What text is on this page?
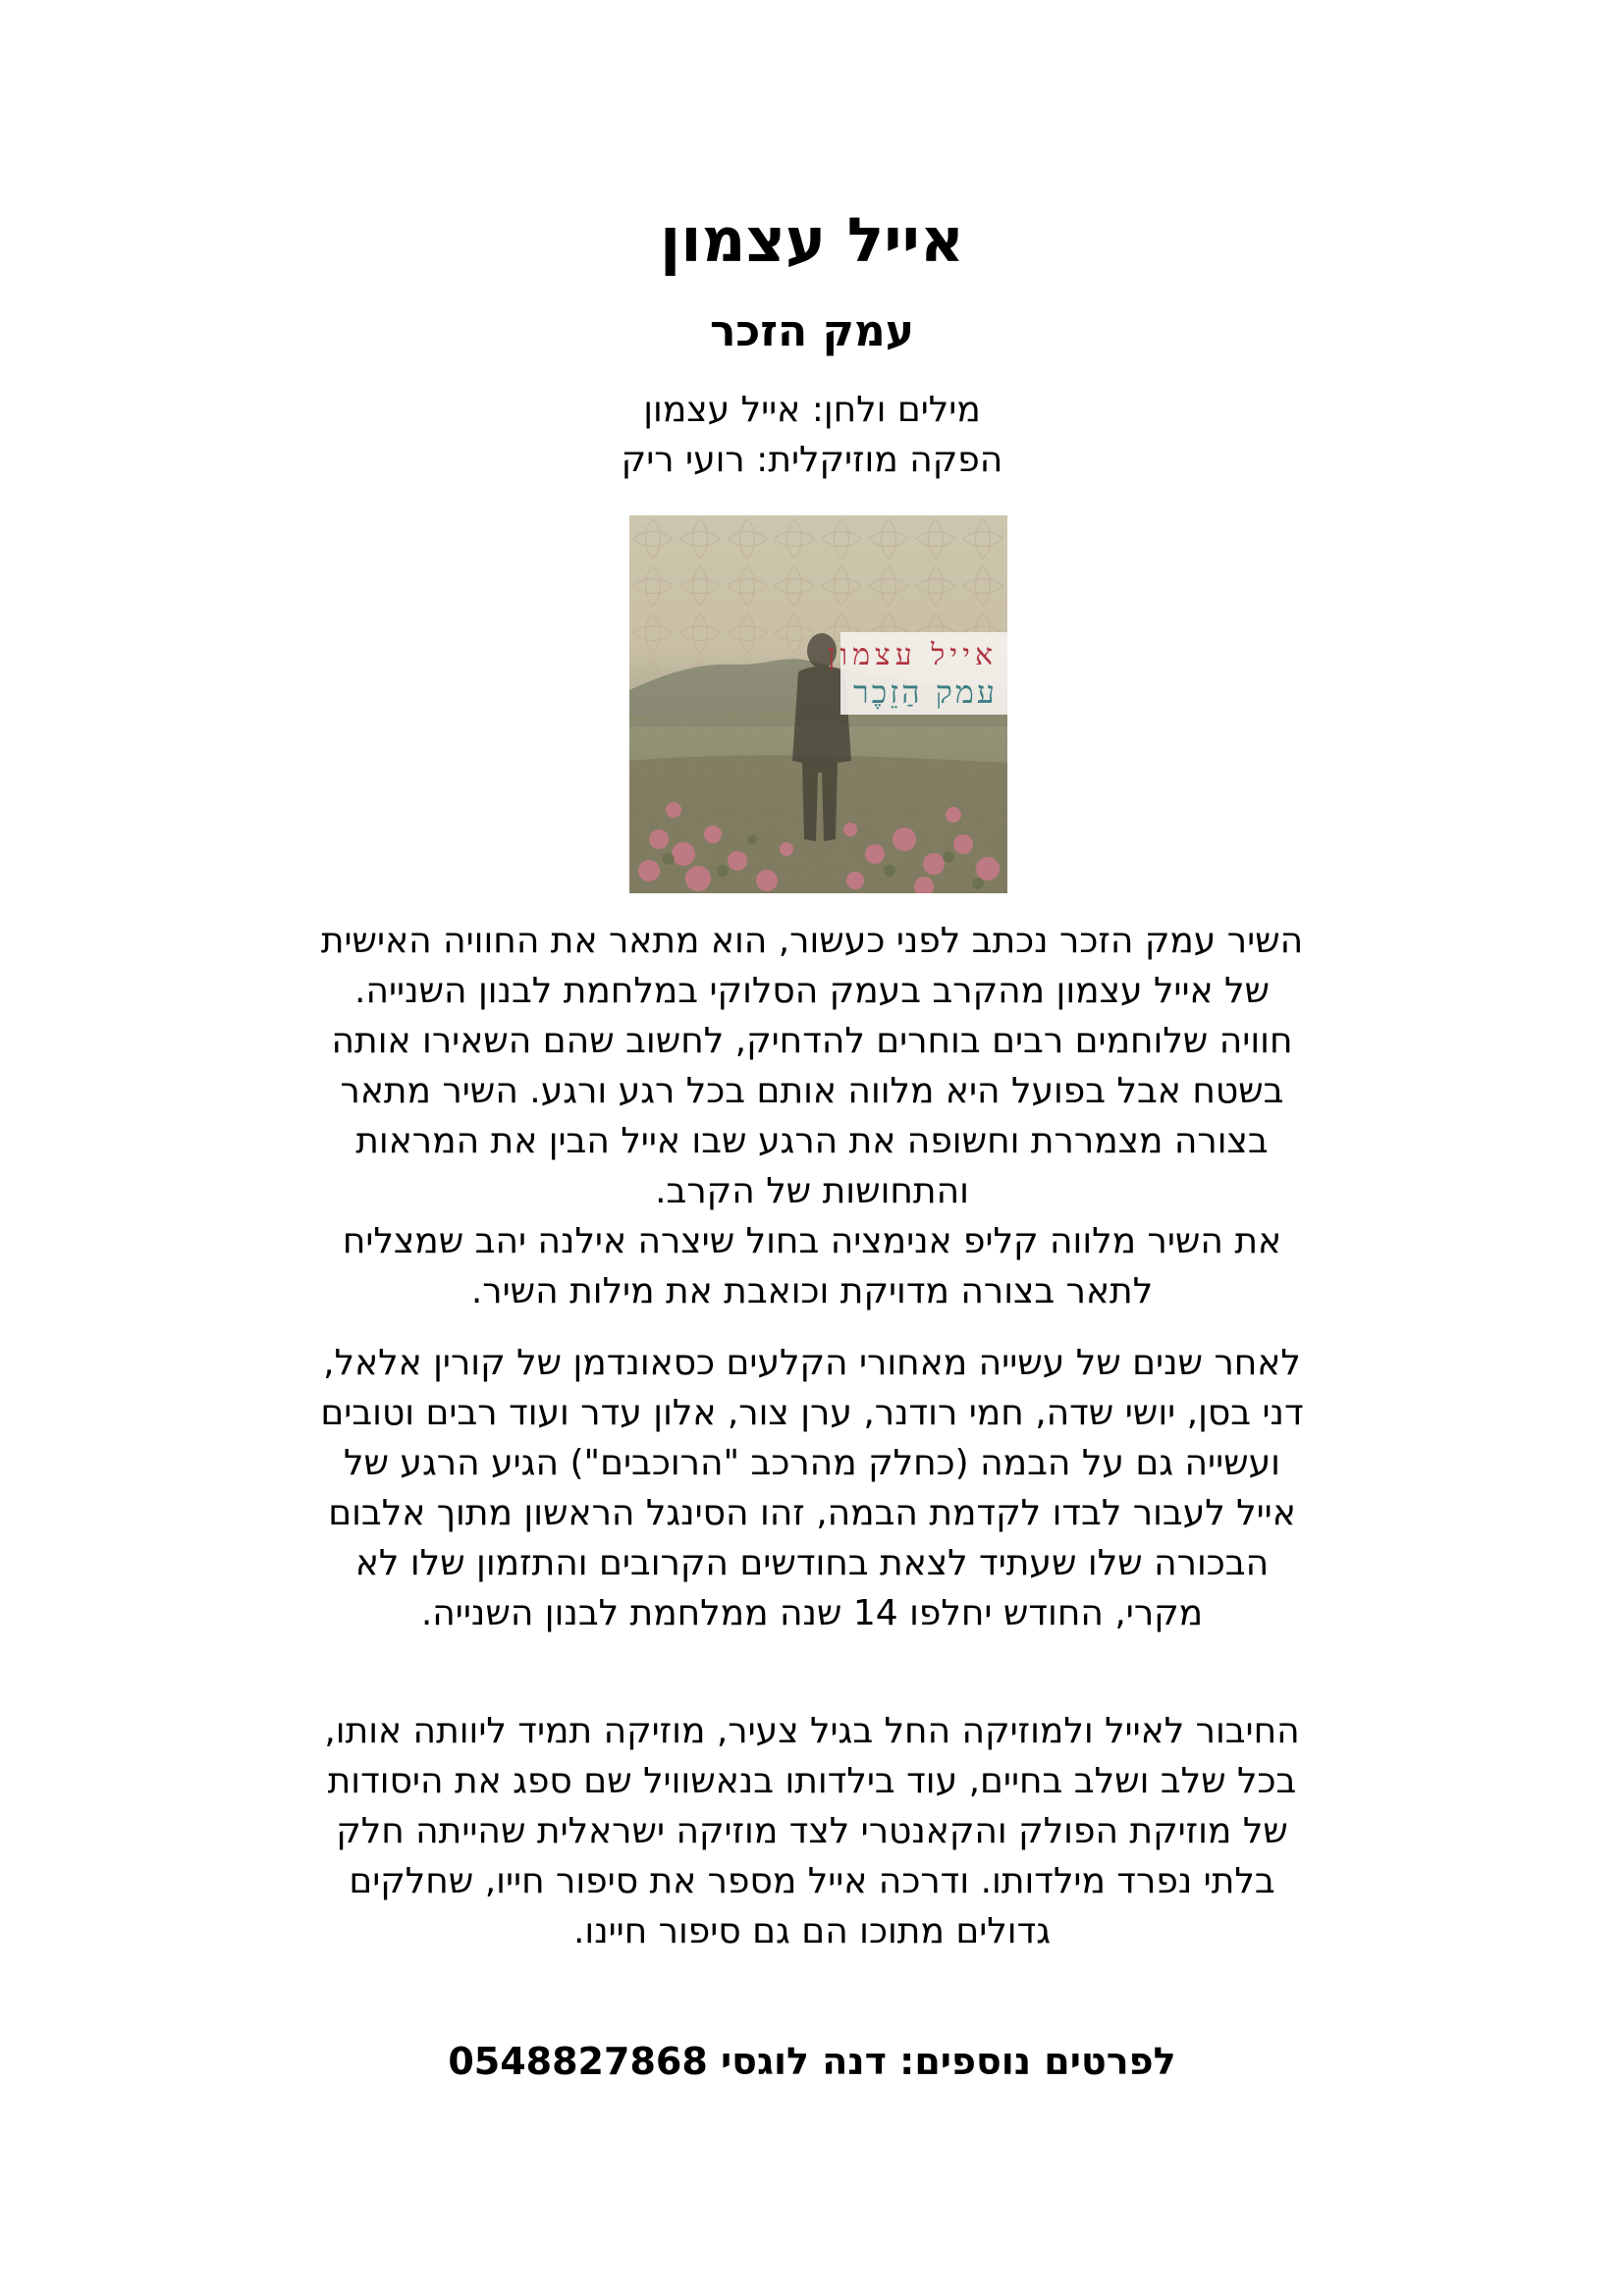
אייל עצמון
עמק הזכר
מילים ולחן: אייל עצמון
הפקה מוזיקלית: רועי ריק
אייל עצמון
עמק הַזֵכֶר
השיר עמק הזכר נכתב לפני כעשור, הוא מתאר את החוויה האישית
של אייל עצמון מהקרב בעמק הסלוקי במלחמת לבנון השנייה.
חוויה שלוחמים רבים בוחרים להדחיק, לחשוב שהם השאירו אותה
בשטח אבל בפועל היא מלווה אותם בכל רגע ורגע. השיר מתאר
בצורה מצמררת וחשופה את הרגע שבו אייל הבין את המראות
והתחושות של הקרב.
את השיר מלווה קליפ אנימציה בחול שיצרה אילנה יהב שמצליח
לתאר בצורה מדויקת וכואבת את מילות השיר.
לאחר שנים של עשייה מאחורי הקלעים כסאונדמן של קורין אלאל,
דני בסן, יושי שדה, חמי רודנר, ערן צור, אלון עדר ועוד רבים וטובים
ועשייה גם על הבמה (כחלק מהרכב "הרוכבים") הגיע הרגע של
אייל לעבור לבדו לקדמת הבמה, זהו הסינגל הראשון מתוך אלבום
הבכורה שלו שעתיד לצאת בחודשים הקרובים והתזמון שלו לא
מקרי, החודש יחלפו 14 שנה ממלחמת לבנון השנייה.
החיבור לאייל ולמוזיקה החל בגיל צעיר, מוזיקה תמיד ליוותה אותו,
בכל שלב ושלב בחיים, עוד בילדותו בנאשוויל שם ספג את היסודות
של מוזיקת הפולק והקאנטרי לצד מוזיקה ישראלית שהייתה חלק
בלתי נפרד מילדותו. ודרכה אייל מספר את סיפור חייו, שחלקים
גדולים מתוכו הם גם סיפור חיינו.
לפרטים נוספים: דנה לוגסי 0548827868
